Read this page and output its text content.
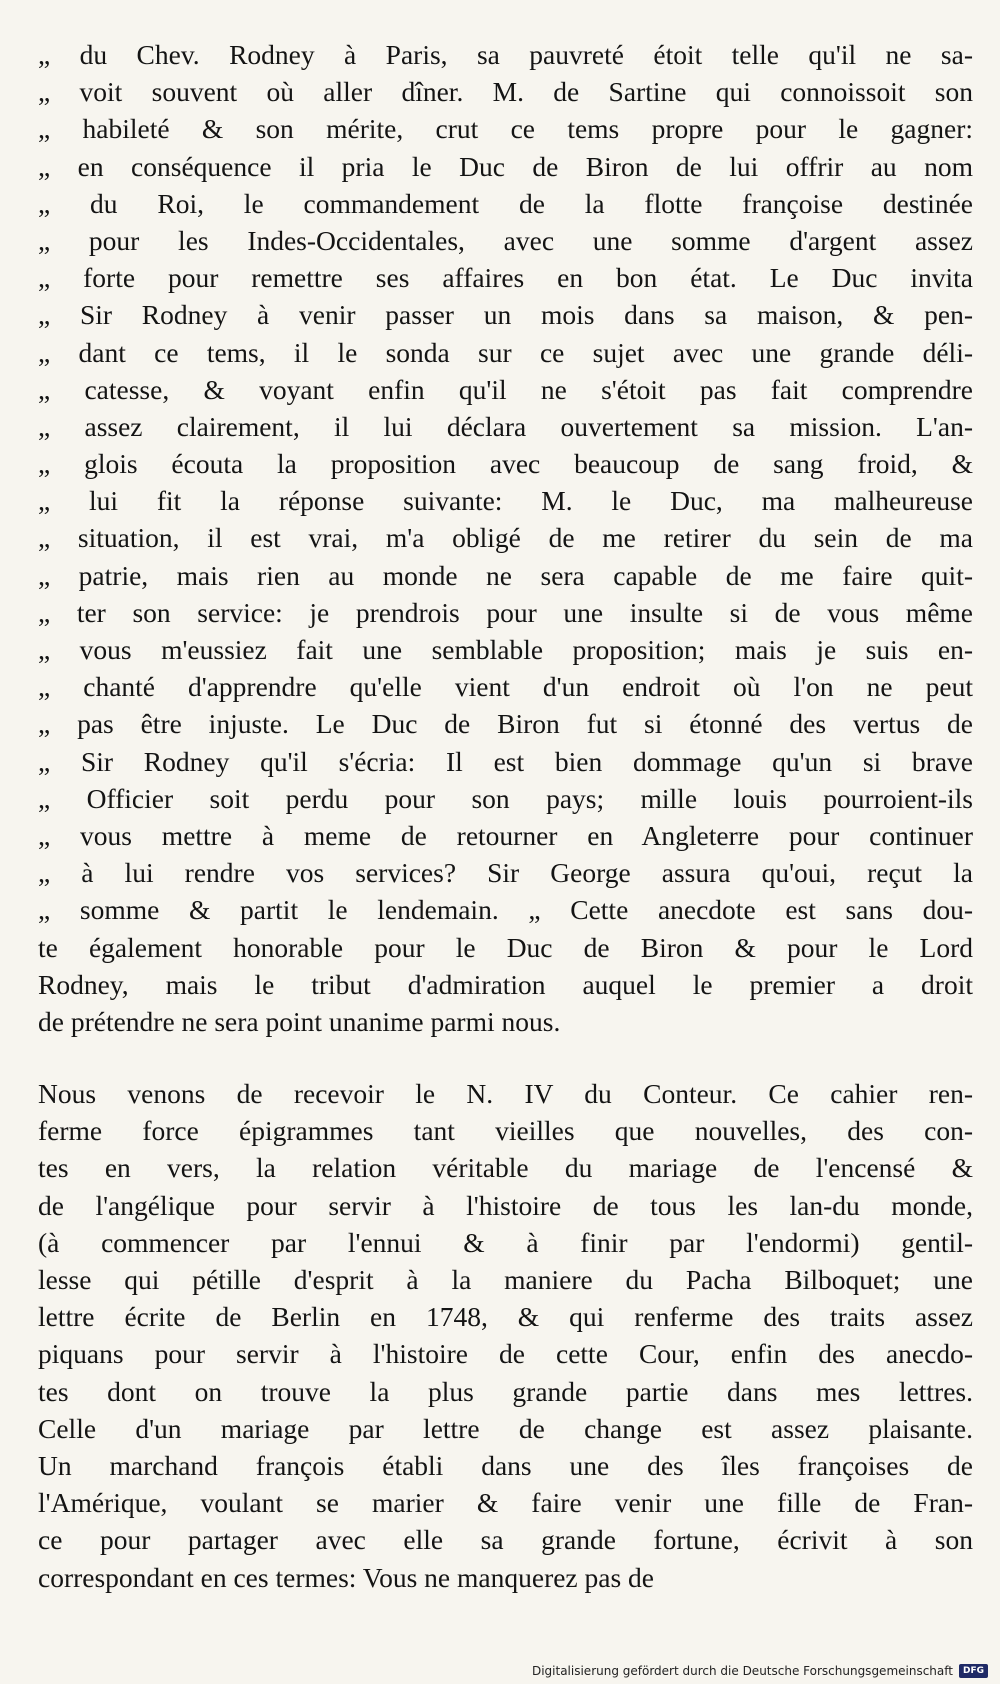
„ du Chev. Rodney à Paris, sa pauvreté étoit telle qu'il ne sa-
„ voit souvent où aller dîner. M. de Sartine qui connoissoit son
„ habileté & son mérite, crut ce tems propre pour le gagner:
„ en conséquence il pria le Duc de Biron de lui offrir au nom
„ du Roi, le commandement de la flotte françoise destinée
„ pour les Indes-Occidentales, avec une somme d'argent assez
„ forte pour remettre ses affaires en bon état. Le Duc invita
„ Sir Rodney à venir passer un mois dans sa maison, & pen-
„ dant ce tems, il le sonda sur ce sujet avec une grande déli-
„ catesse, & voyant enfin qu'il ne s'étoit pas fait comprendre
„ assez clairement, il lui déclara ouvertement sa mission. L'an-
„ glois écouta la proposition avec beaucoup de sang froid, &
„ lui fit la réponse suivante: M. le Duc, ma malheureuse
„ situation, il est vrai, m'a obligé de me retirer du sein de ma
„ patrie, mais rien au monde ne sera capable de me faire quit-
„ ter son service: je prendrois pour une insulte si de vous même
„ vous m'eussiez fait une semblable proposition; mais je suis en-
„ chanté d'apprendre qu'elle vient d'un endroit où l'on ne peut
„ pas être injuste. Le Duc de Biron fut si étonné des vertus de
„ Sir Rodney qu'il s'écria: Il est bien dommage qu'un si brave
„ Officier soit perdu pour son pays; mille louis pourroient-ils
„ vous mettre à meme de retourner en Angleterre pour continuer
„ à lui rendre vos services? Sir George assura qu'oui, reçut la
„ somme & partit le lendemain. „ Cette anecdote est sans dou-
te également honorable pour le Duc de Biron & pour le Lord
Rodney, mais le tribut d'admiration auquel le premier a droit
de prétendre ne sera point unanime parmi nous.
Nous venons de recevoir le N. IV du Conteur. Ce cahier ren-
ferme force épigrammes tant vieilles que nouvelles, des con-
tes en vers, la relation véritable du mariage de l'encensé &
de l'angélique pour servir à l'histoire de tous les lan-du monde,
(à commencer par l'ennui & à finir par l'endormi) gentil-
lesse qui pétille d'esprit à la maniere du Pacha Bilboquet; une
lettre écrite de Berlin en 1748, & qui renferme des traits assez
piquans pour servir à l'histoire de cette Cour, enfin des anecdo-
tes dont on trouve la plus grande partie dans mes lettres.
Celle d'un mariage par lettre de change est assez plaisante.
Un marchand françois établi dans une des îles françoises de
l'Amérique, voulant se marier & faire venir une fille de Fran-
ce pour partager avec elle sa grande fortune, écrivit à son
correspondant en ces termes: Vous ne manquerez pas de
Digitalisierung gefördert durch die Deutsche Forschungsgemeinschaft	DFG
